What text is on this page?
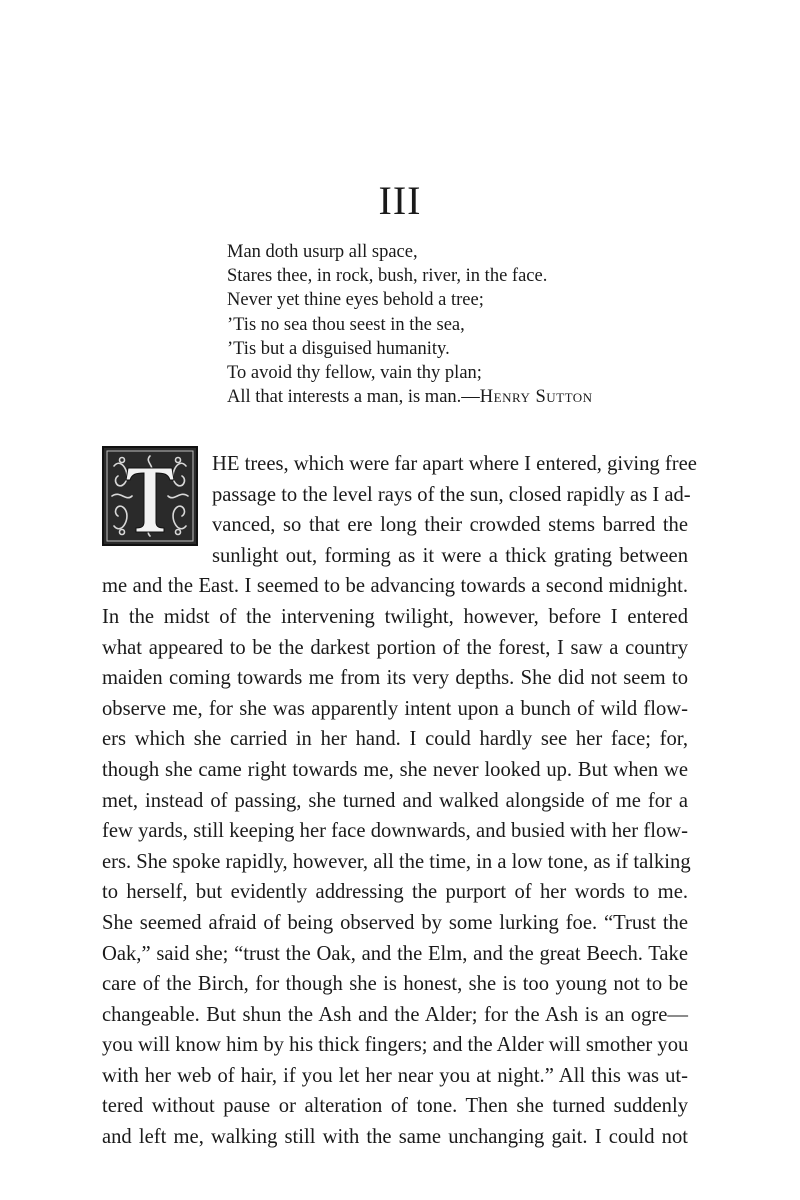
III
Man doth usurp all space,
Stares thee, in rock, bush, river, in the face.
Never yet thine eyes behold a tree;
’Tis no sea thou seest in the sea,
’Tis but a disguised humanity.
To avoid thy fellow, vain thy plan;
All that interests a man, is man.—Henry Sutton
HE trees, which were far apart where I entered, giving free
passage to the level rays of the sun, closed rapidly as I ad-
vanced, so that ere long their crowded stems barred the
sunlight out, forming as it were a thick grating between
me and the East. I seemed to be advancing towards a second midnight.
In the midst of the intervening twilight, however, before I entered
what appeared to be the darkest portion of the forest, I saw a country
maiden coming towards me from its very depths. She did not seem to
observe me, for she was apparently intent upon a bunch of wild flow-
ers which she carried in her hand. I could hardly see her face; for,
though she came right towards me, she never looked up. But when we
met, instead of passing, she turned and walked alongside of me for a
few yards, still keeping her face downwards, and busied with her flow-
ers. She spoke rapidly, however, all the time, in a low tone, as if talking
to herself, but evidently addressing the purport of her words to me.
She seemed afraid of being observed by some lurking foe. “Trust the
Oak,” said she; “trust the Oak, and the Elm, and the great Beech. Take
care of the Birch, for though she is honest, she is too young not to be
changeable. But shun the Ash and the Alder; for the Ash is an ogre—
you will know him by his thick fingers; and the Alder will smother you
with her web of hair, if you let her near you at night.” All this was ut-
tered without pause or alteration of tone. Then she turned suddenly
and left me, walking still with the same unchanging gait. I could not
